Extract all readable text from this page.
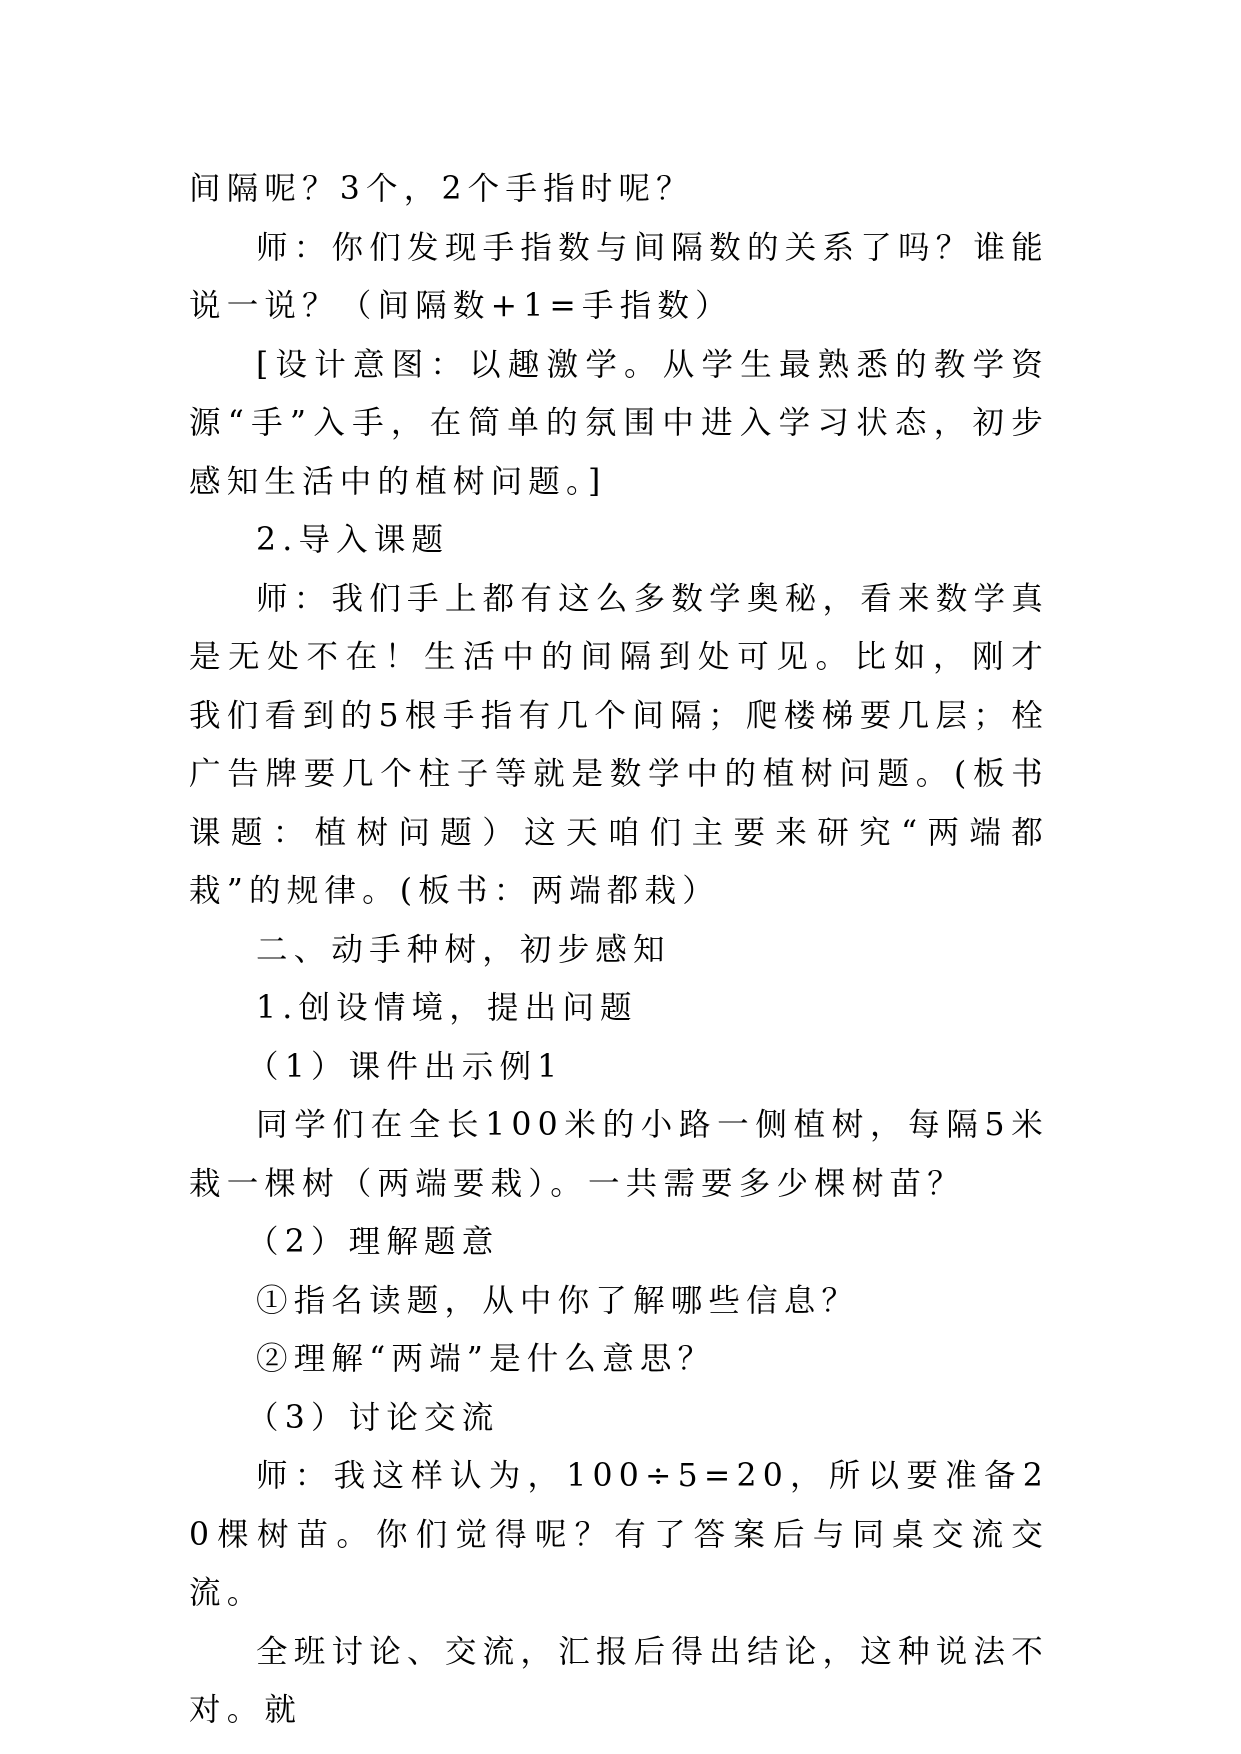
间隔呢？3个，2个手指时呢？

师：你们发现手指数与间隔数的关系了吗？谁能说一说？（间隔数+1=手指数）

[设计意图：以趣激学。从学生最熟悉的教学资源“手”入手，在简单的氛围中进入学习状态，初步感知生活中的植树问题。]

2.导入课题

师：我们手上都有这么多数学奥秘，看来数学真是无处不在！生活中的间隔到处可见。比如，刚才我们看到的5根手指有几个间隔；爬楼梯要几层；栓广告牌要几个柱子等就是数学中的植树问题。(板书课题：植树问题）这天咱们主要来研究“两端都栽”的规律。(板书：两端都栽）

二、动手种树，初步感知

1.创设情境，提出问题

（1）课件出示例1

同学们在全长100米的小路一侧植树，每隔5米栽一棵树（两端要栽）。一共需要多少棵树苗？

（2）理解题意

①指名读题，从中你了解哪些信息？

②理解“两端”是什么意思？

（3）讨论交流

师：我这样认为，100÷5=20，所以要准备20棵树苗。你们觉得呢？有了答案后与同桌交流交流。

全班讨论、交流，汇报后得出结论，这种说法不对。就
